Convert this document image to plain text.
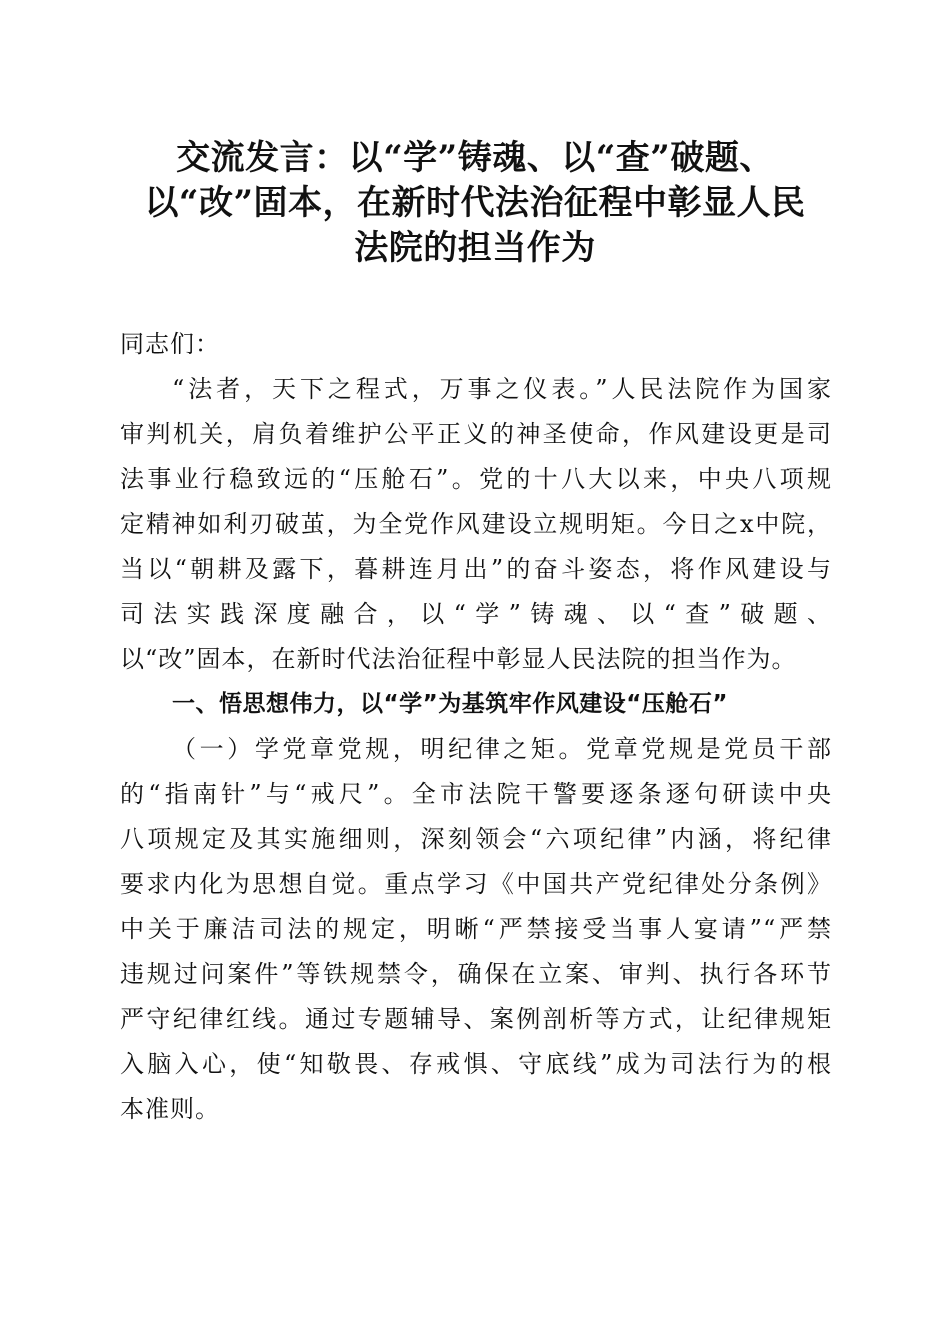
交流发言：以“学”铸魂、以“查”破题、
以“改”固本，在新时代法治征程中彰显人民
法院的担当作为
同志们：
“法者，天下之程式，万事之仪表。”人民法院作为国家
审判机关，肩负着维护公平正义的神圣使命，作风建设更是司
法事业行稳致远的“压舱石”。党的十八大以来，中央八项规
定精神如利刃破茧，为全党作风建设立规明矩。今日之x中院，
当以“朝耕及露下，暮耕连月出”的奋斗姿态，将作风建设与
司法实践深度融合，以“学”铸魂、以“查”破题、
以“改”固本，在新时代法治征程中彰显人民法院的担当作为。
一、悟思想伟力，以“学”为基筑牢作风建设“压舱石”
（一）学党章党规，明纪律之矩。党章党规是党员干部
的“指南针”与“戒尺”。全市法院干警要逐条逐句研读中央
八项规定及其实施细则，深刻领会“六项纪律”内涵，将纪律
要求内化为思想自觉。重点学习《中国共产党纪律处分条例》
中关于廉洁司法的规定，明晰“严禁接受当事人宴请”“严禁
违规过问案件”等铁规禁令，确保在立案、审判、执行各环节
严守纪律红线。通过专题辅导、案例剖析等方式，让纪律规矩
入脑入心，使“知敬畏、存戒惧、守底线”成为司法行为的根
本准则。
